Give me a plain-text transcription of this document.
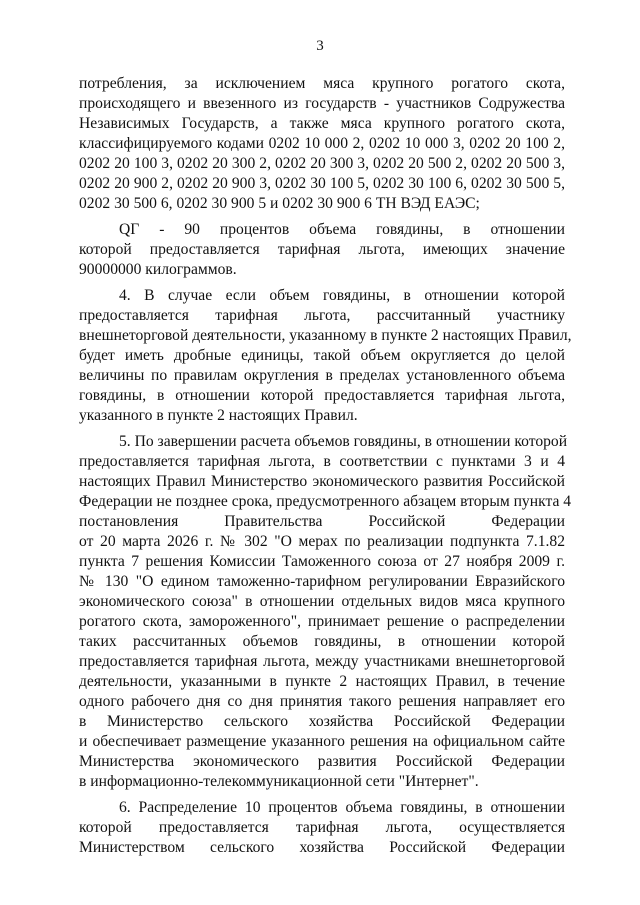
3
потребления, за исключением мяса крупного рогатого скота,
происходящего и ввезенного из государств - участников Содружества
Независимых Государств, а также мяса крупного рогатого скота,
классифицируемого кодами 0202 10 000 2, 0202 10 000 3, 0202 20 100 2,
0202 20 100 3, 0202 20 300 2, 0202 20 300 3, 0202 20 500 2, 0202 20 500 3,
0202 20 900 2, 0202 20 900 3, 0202 30 100 5, 0202 30 100 6, 0202 30 500 5,
0202 30 500 6, 0202 30 900 5 и 0202 30 900 6 ТН ВЭД ЕАЭС;
QГ - 90 процентов объема говядины, в отношении
которой предоставляется тарифная льгота, имеющих значение
90000000 килограммов.
4. В случае если объем говядины, в отношении которой
предоставляется тарифная льгота, рассчитанный участнику
внешнеторговой деятельности, указанному в пункте 2 настоящих Правил,
будет иметь дробные единицы, такой объем округляется до целой
величины по правилам округления в пределах установленного объема
говядины, в отношении которой предоставляется тарифная льгота,
указанного в пункте 2 настоящих Правил.
5. По завершении расчета объемов говядины, в отношении которой
предоставляется тарифная льгота, в соответствии с пунктами 3 и 4
настоящих Правил Министерство экономического развития Российской
Федерации не позднее срока, предусмотренного абзацем вторым пункта 4
постановления Правительства Российской Федерации
от 20 марта 2026 г. № 302 "О мерах по реализации подпункта 7.1.82
пункта 7 решения Комиссии Таможенного союза от 27 ноября 2009 г.
№ 130 "О едином таможенно-тарифном регулировании Евразийского
экономического союза" в отношении отдельных видов мяса крупного
рогатого скота, замороженного", принимает решение о распределении
таких рассчитанных объемов говядины, в отношении которой
предоставляется тарифная льгота, между участниками внешнеторговой
деятельности, указанными в пункте 2 настоящих Правил, в течение
одного рабочего дня со дня принятия такого решения направляет его
в Министерство сельского хозяйства Российской Федерации
и обеспечивает размещение указанного решения на официальном сайте
Министерства экономического развития Российской Федерации
в информационно-телекоммуникационной сети "Интернет".
6. Распределение 10 процентов объема говядины, в отношении
которой предоставляется тарифная льгота, осуществляется
Министерством сельского хозяйства Российской Федерации
